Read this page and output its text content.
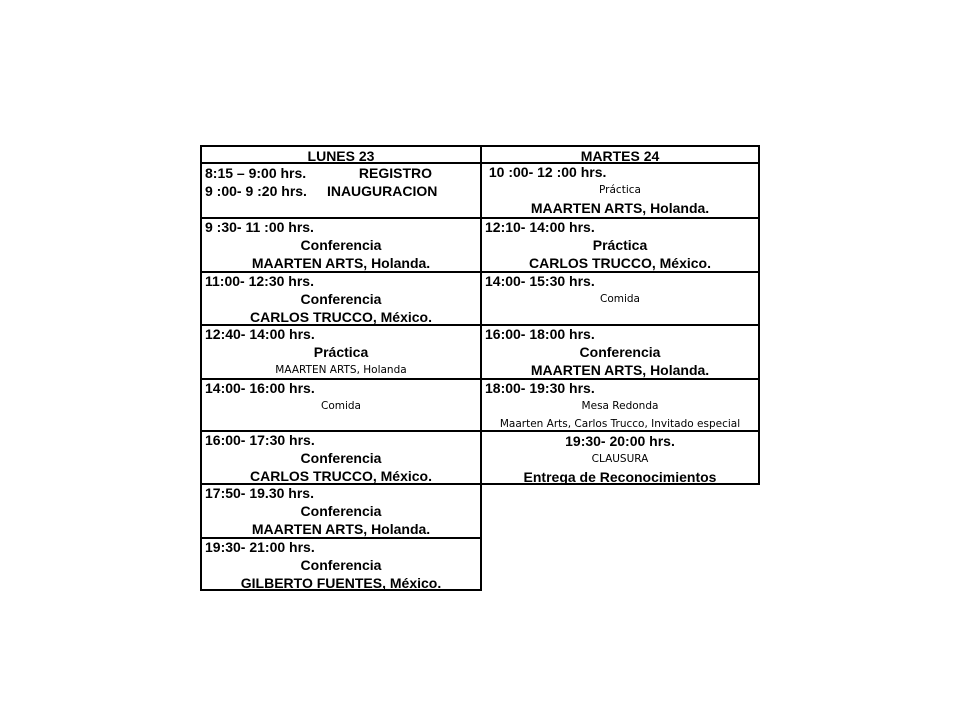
LUNES 23	MARTES 24
8:15 – 9:00 hrs.	REGISTRO
9 :00- 9 :20 hrs. INAUGURACION
9 :30- 11 :00 hrs.
Conferencia
MAARTEN ARTS, Holanda.
11:00- 12:30 hrs.
Conferencia
CARLOS TRUCCO, México.
12:40- 14:00 hrs.
Práctica
MAARTEN ARTS, Holanda
14:00- 16:00 hrs.
Comida
16:00- 17:30 hrs.
Conferencia
CARLOS TRUCCO, México.
17:50- 19.30 hrs.
Conferencia
MAARTEN ARTS, Holanda.
19:30- 21:00 hrs.
Conferencia
GILBERTO FUENTES, México.
10 :00- 12 :00 hrs.
Práctica
MAARTEN ARTS, Holanda.
12:10- 14:00 hrs.
Práctica
CARLOS TRUCCO, México.
14:00- 15:30 hrs.
Comida
16:00- 18:00 hrs.
Conferencia
MAARTEN ARTS, Holanda.
18:00- 19:30 hrs.
Mesa Redonda
Maarten Arts, Carlos Trucco, Invitado especial
19:30- 20:00 hrs.
CLAUSURA
Entrega de Reconocimientos
